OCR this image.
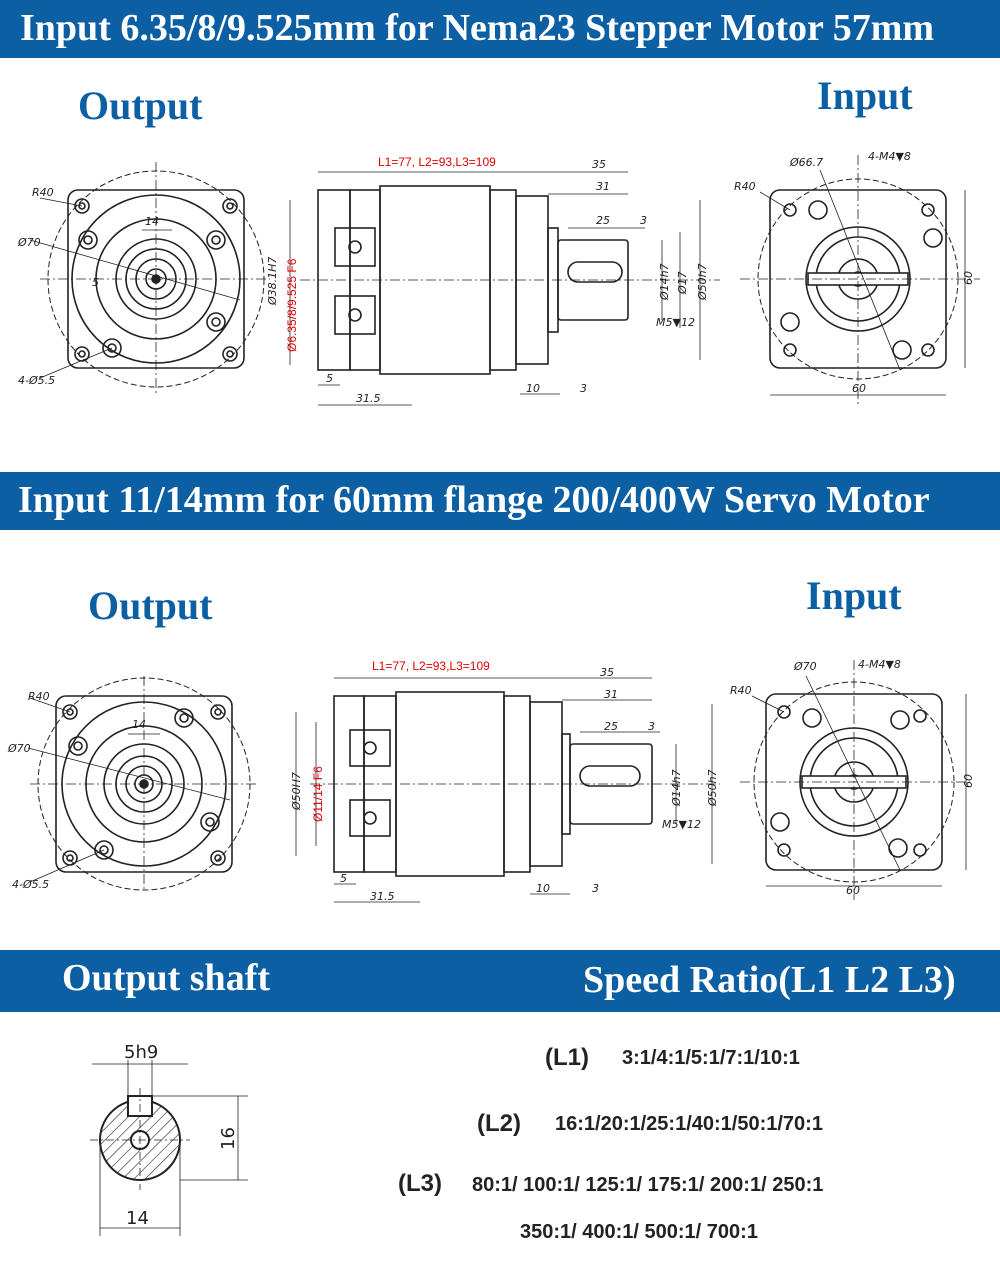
Input 6.35/8/9.525mm for Nema23 Stepper Motor 57mm
Output	Input
R40
Ø70
14
5
4-Ø5.5
L1=77, L2=93,L3=109
Ø6.35/8/9.525 F6
Ø38.1H7
35
31
25	3
Ø14h7 Ø17 Ø50h7
M5▼12
5
31.5
10	3
Ø66.7	4-M4▼8
R40
60
60
Input 11/14mm for 60mm flange 200/400W Servo Motor
Output	Input
R40
Ø70
14
4-Ø5.5
L1=77, L2=93,L3=109
Ø11/14 F6
Ø50H7
35
31
25	3
Ø14h7 Ø50h7
M5▼12
5
31.5
10	3
Ø70	4-M4▼8
R40
60
60
Output shaft	Speed Ratio(L1 L2 L3)
5h9
16
14
(L1) 3:1/4:1/5:1/7:1/10:1
(L2) 16:1/20:1/25:1/40:1/50:1/70:1
(L3) 80:1/ 100:1/ 125:1/ 175:1/ 200:1/ 250:1
350:1/ 400:1/ 500:1/ 700:1
